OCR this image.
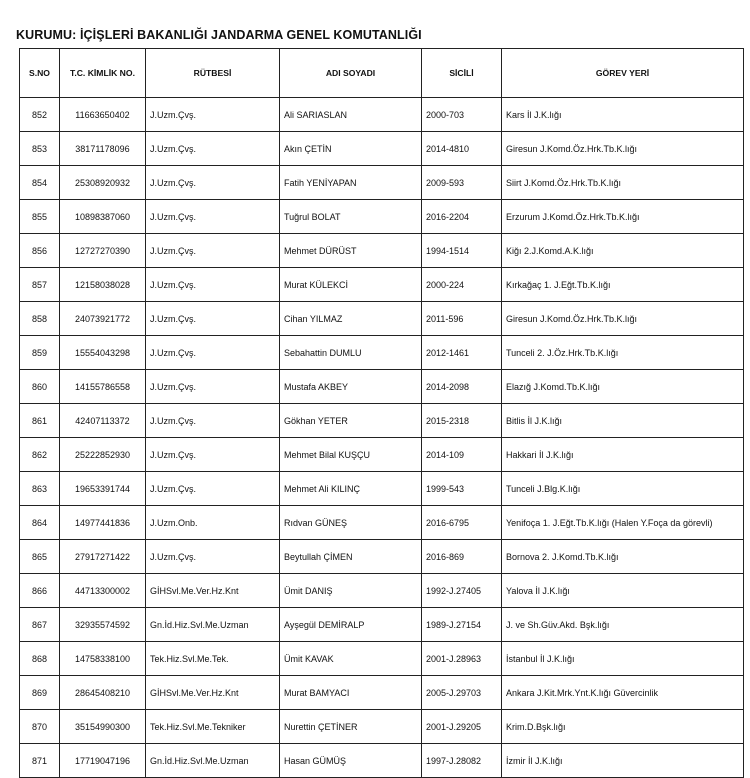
KURUMU: İÇİŞLERİ BAKANLIĞI JANDARMA GENEL KOMUTANLIĞI
S.NO	T.C. KİMLİK NO.	RÜTBESİ	ADI SOYADI	SİCİLİ	GÖREV YERİ
852	11663650402	J.Uzm.Çvş.	Ali SARIASLAN	2000-703	Kars İl J.K.lığı
853	38171178096	J.Uzm.Çvş.	Akın ÇETİN	2014-4810	Giresun J.Komd.Öz.Hrk.Tb.K.lığı
854	25308920932	J.Uzm.Çvş.	Fatih YENİYAPAN	2009-593	Siirt J.Komd.Öz.Hrk.Tb.K.lığı
855	10898387060	J.Uzm.Çvş.	Tuğrul BOLAT	2016-2204	Erzurum J.Komd.Öz.Hrk.Tb.K.lığı
856	12727270390	J.Uzm.Çvş.	Mehmet DÜRÜST	1994-1514	Kiğı 2.J.Komd.A.K.lığı
857	12158038028	J.Uzm.Çvş.	Murat KÜLEKCİ	2000-224	Kırkağaç 1. J.Eğt.Tb.K.lığı
858	24073921772	J.Uzm.Çvş.	Cihan YILMAZ	2011-596	Giresun J.Komd.Öz.Hrk.Tb.K.lığı
859	15554043298	J.Uzm.Çvş.	Sebahattin DUMLU	2012-1461	Tunceli 2. J.Öz.Hrk.Tb.K.lığı
860	14155786558	J.Uzm.Çvş.	Mustafa AKBEY	2014-2098	Elazığ J.Komd.Tb.K.lığı
861	42407113372	J.Uzm.Çvş.	Gökhan YETER	2015-2318	Bitlis İl J.K.lığı
862	25222852930	J.Uzm.Çvş.	Mehmet Bilal KUŞÇU	2014-109	Hakkari İl J.K.lığı
863	19653391744	J.Uzm.Çvş.	Mehmet Ali KILINÇ	1999-543	Tunceli J.Blg.K.lığı
864	14977441836	J.Uzm.Onb.	Rıdvan GÜNEŞ	2016-6795	Yenifoça 1. J.Eğt.Tb.K.lığı (Halen Y.Foça da görevli)
865	27917271422	J.Uzm.Çvş.	Beytullah ÇİMEN	2016-869	Bornova 2. J.Komd.Tb.K.lığı
866	44713300002	GİHSvl.Me.Ver.Hz.Knt	Ümit DANIŞ	1992-J.27405	Yalova İl J.K.lığı
867	32935574592	Gn.İd.Hiz.Svl.Me.Uzman	Ayşegül DEMİRALP	1989-J.27154	J. ve Sh.Güv.Akd. Bşk.lığı
868	14758338100	Tek.Hiz.Svl.Me.Tek.	Ümit KAVAK	2001-J.28963	İstanbul İl J.K.lığı
869	28645408210	GİHSvl.Me.Ver.Hz.Knt	Murat BAMYACI	2005-J.29703	Ankara J.Kit.Mrk.Ynt.K.lığı Güvercinlik
870	35154990300	Tek.Hiz.Svl.Me.Tekniker	Nurettin ÇETİNER	2001-J.29205	Krim.D.Bşk.lığı
871	17719047196	Gn.İd.Hiz.Svl.Me.Uzman	Hasan GÜMÜŞ	1997-J.28082	İzmir İl J.K.lığı
